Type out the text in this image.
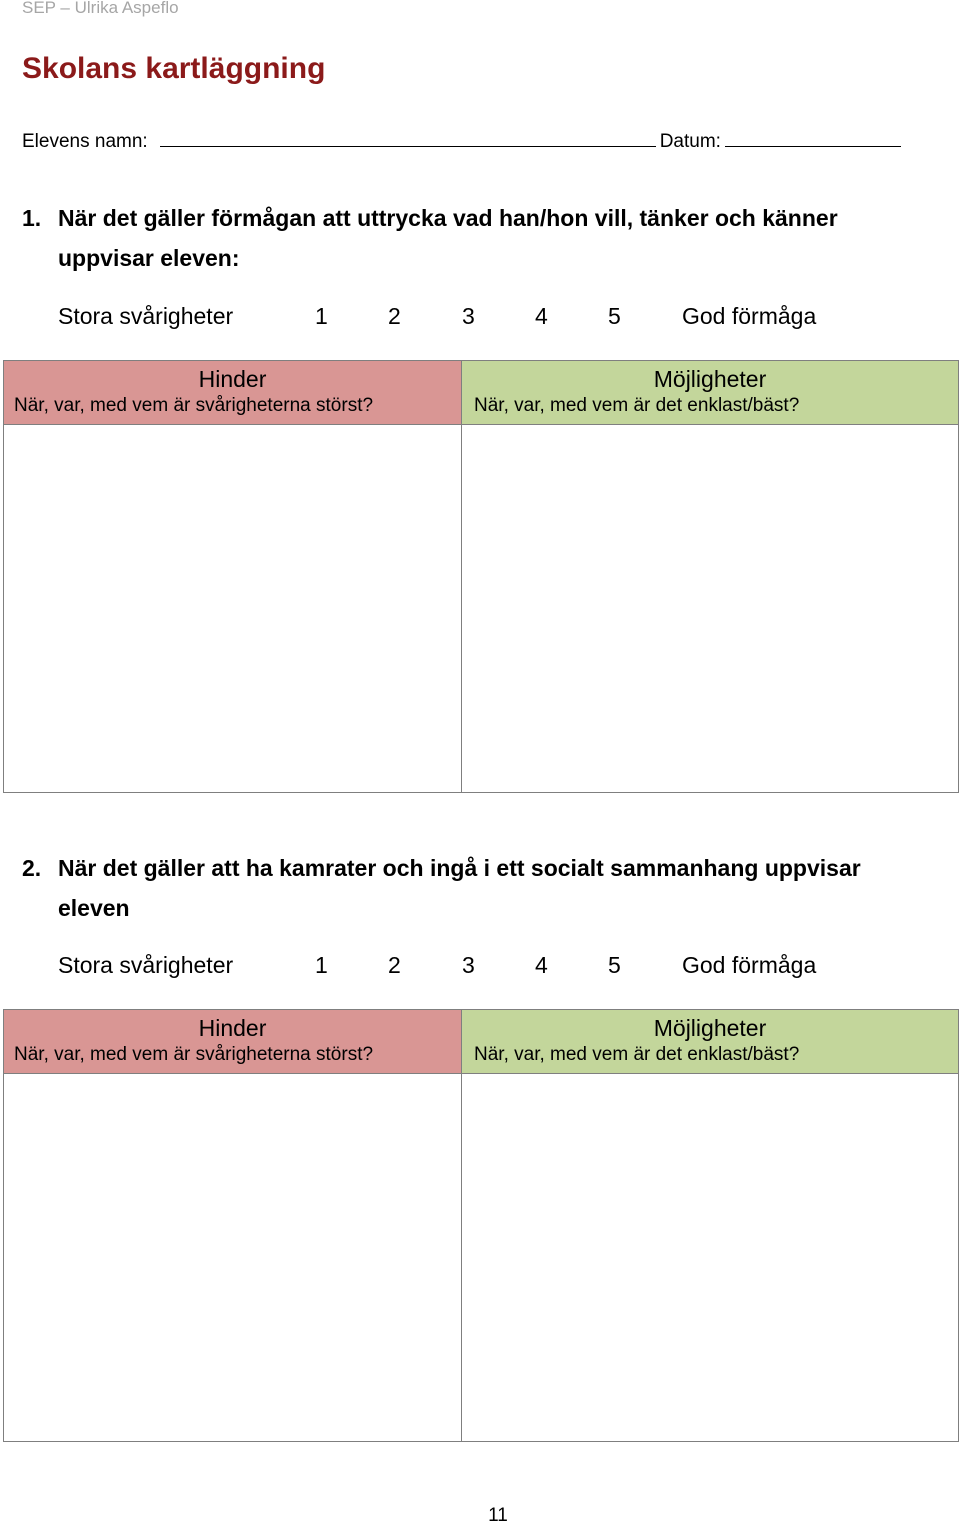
SEP – Ulrika Aspeflo
Skolans kartläggning
Elevens namn:	Datum:
1. När det gäller förmågan att uttrycka vad han/hon vill, tänker och känner
uppvisar eleven:
Stora svårigheter	1	2	3	4	5	God förmåga
Hinder
När, var, med vem är svårigheterna störst?
Möjligheter
När, var, med vem är det enklast/bäst?
2. När det gäller att ha kamrater och ingå i ett socialt sammanhang uppvisar
eleven
Stora svårigheter	1	2	3	4	5	God förmåga
Hinder
När, var, med vem är svårigheterna störst?
Möjligheter
När, var, med vem är det enklast/bäst?
11
